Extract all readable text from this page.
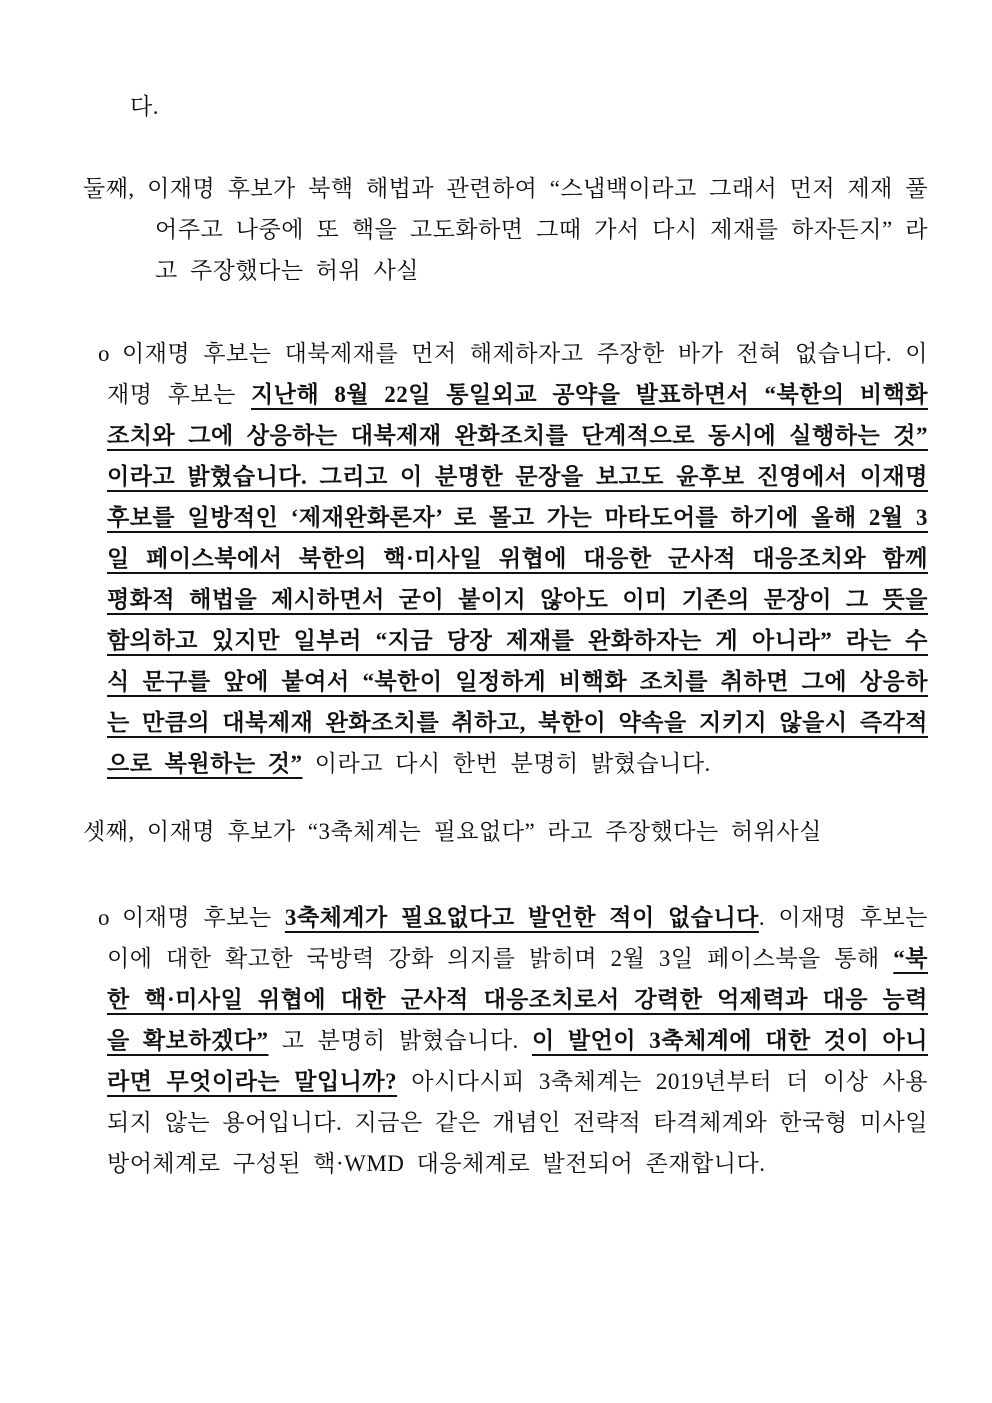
다.

둘째, 이재명 후보가 북핵 해법과 관련하여 “스냅백이라고 그래서 먼저 제재 풀어주고 나중에 또 핵을 고도화하면 그때 가서 다시 제재를 하자든지” 라고 주장했다는 허위 사실

o 이재명 후보는 대북제재를 먼저 해제하자고 주장한 바가 전혀 없습니다. 이재명 후보는 지난해 8월 22일 통일외교 공약을 발표하면서 “북한의 비핵화 조치와 그에 상응하는 대북제재 완화조치를 단계적으로 동시에 실행하는 것” 이라고 밝혔습니다. 그리고 이 분명한 문장을 보고도 윤후보 진영에서 이재명후보를 일방적인 ‘제재완화론자’ 로 몰고 가는 마타도어를 하기에 올해 2월 3일 페이스북에서 북한의 핵·미사일 위협에 대응한 군사적 대응조치와 함께 평화적 해법을 제시하면서 굳이 붙이지 않아도 이미 기존의 문장이 그 뜻을 함의하고 있지만 일부러 “지금 당장 제재를 완화하자는 게 아니라” 라는 수식 문구를 앞에 붙여서 “북한이 일정하게 비핵화 조치를 취하면 그에 상응하는 만큼의 대북제재 완화조치를 취하고, 북한이 약속을 지키지 않을시 즉각적으로 복원하는 것” 이라고 다시 한번 분명히 밝혔습니다.

셋째, 이재명 후보가 “3축체계는 필요없다” 라고 주장했다는 허위사실

o 이재명 후보는 3축체계가 필요없다고 발언한 적이 없습니다. 이재명 후보는 이에 대한 확고한 국방력 강화 의지를 밝히며 2월 3일 페이스북을 통해 “북한 핵·미사일 위협에 대한 군사적 대응조치로서 강력한 억제력과 대응 능력을 확보하겠다” 고 분명히 밝혔습니다. 이 발언이 3축체계에 대한 것이 아니라면 무엇이라는 말입니까? 아시다시피 3축체계는 2019년부터 더 이상 사용되지 않는 용어입니다. 지금은 같은 개념인 전략적 타격체계와 한국형 미사일방어체계로 구성된 핵·WMD 대응체계로 발전되어 존재합니다.
